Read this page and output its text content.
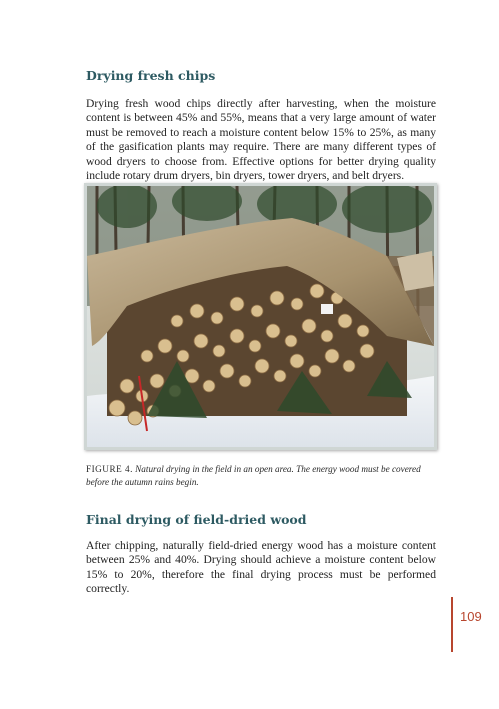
Drying fresh chips

Drying fresh wood chips directly after harvesting, when the moisture content is between 45% and 55%, means that a very large amount of water must be removed to reach a moisture content below 15% to 25%, as many of the gasification plants may require. There are many different types of wood dryers to choose from. Effective options for better drying quality include rotary drum dryers, bin dryers, tower dryers, and belt dryers.

FIGURE 4. Natural drying in the field in an open area. The energy wood must be covered before the autumn rains begin.

Final drying of field-dried wood

After chipping, naturally field-dried energy wood has a moisture content between 25% and 40%. Drying should achieve a moisture content below 15% to 20%, therefore the final drying process must be performed correctly.

109
